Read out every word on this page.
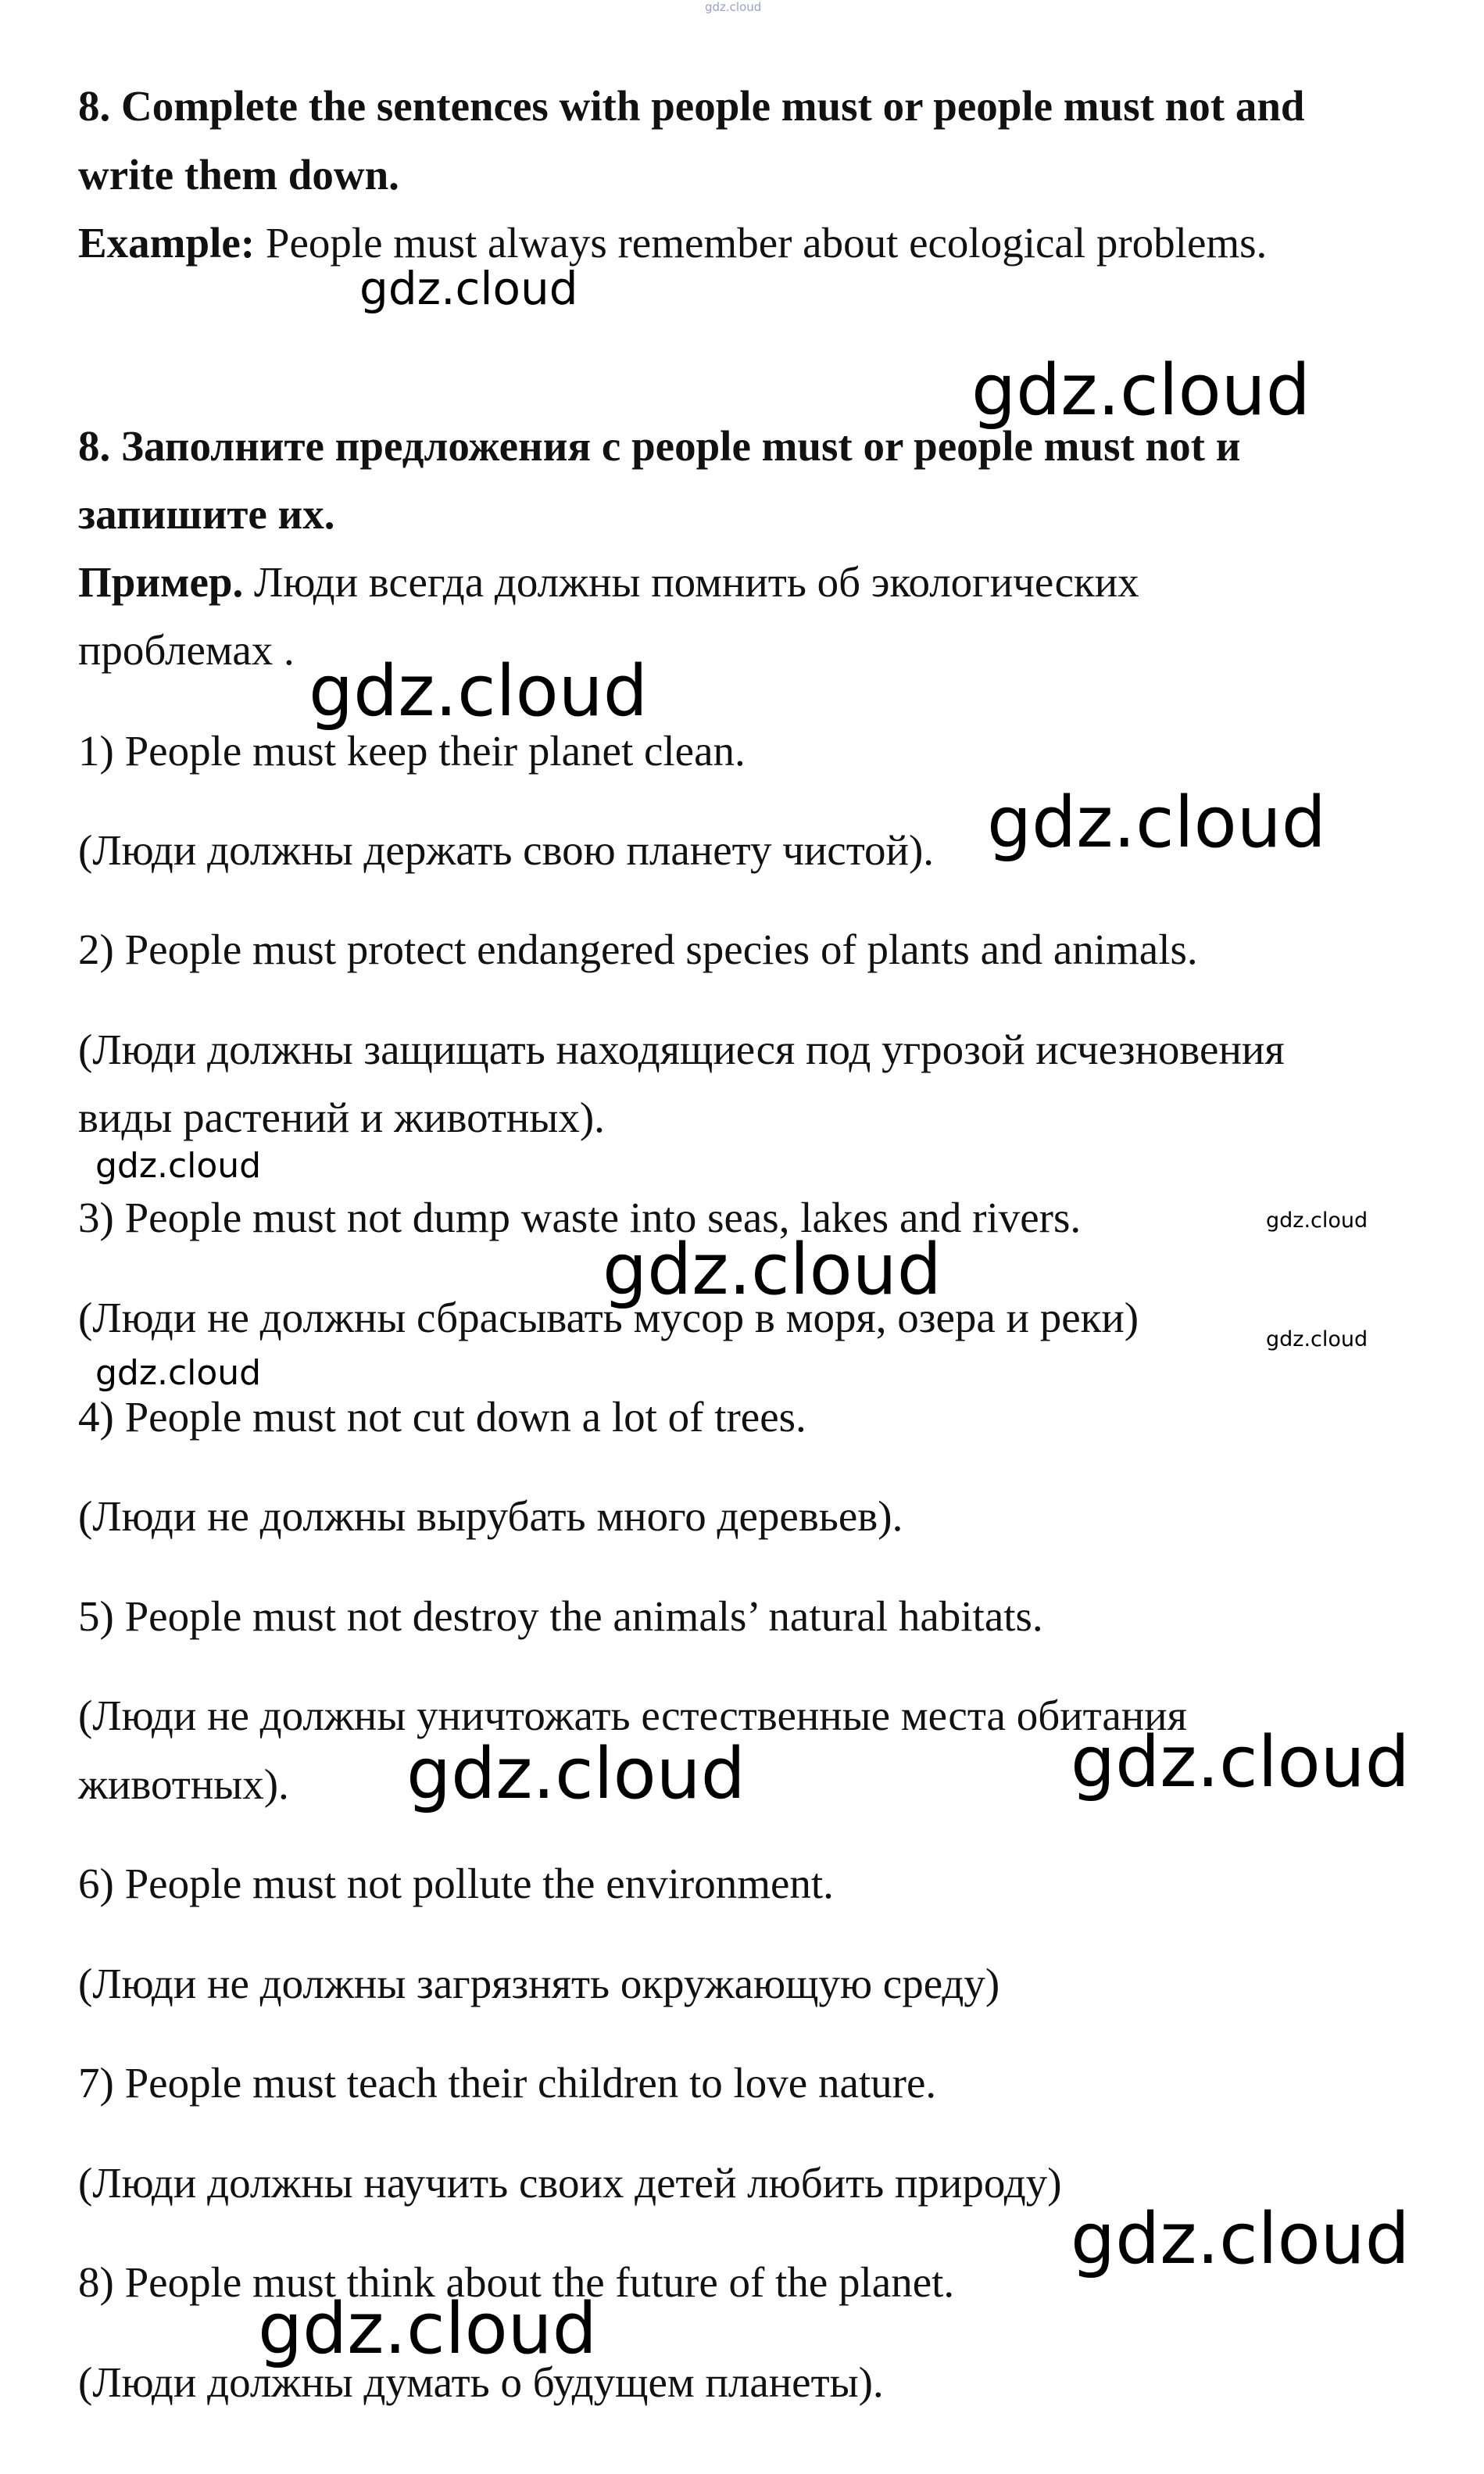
gdz.cloud

8. Complete the sentences with people must or people must not and

write them down.

Example: People must always remember about ecological problems.

8. Заполните предложения с people must or people must not и

запишите их.

Пример. Люди всегда должны помнить об экологических

проблемах .

1) People must keep their planet clean.

(Люди должны держать свою планету чистой).

2) People must protect endangered species of plants and animals.

(Люди должны защищать находящиеся под угрозой исчезновения

виды растений и животных).

3) People must not dump waste into seas, lakes and rivers.

(Люди не должны сбрасывать мусор в моря, озера и реки)

4) People must not cut down a lot of trees.

(Люди не должны вырубать много деревьев).

5) People must not destroy the animals’ natural habitats.

(Люди не должны уничтожать естественные места обитания

животных).

6) People must not pollute the environment.

(Люди не должны загрязнять окружающую среду)

7) People must teach their children to love nature.

(Люди должны научить своих детей любить природу)

8) People must think about the future of the planet.

(Люди должны думать о будущем планеты).

gdz.cloud
gdz.cloud
gdz.cloud
gdz.cloud
gdz.cloud
gdz.cloud
gdz.cloud
gdz.cloud
gdz.cloud
gdz.cloud
gdz.cloud
gdz.cloud
gdz.cloud
